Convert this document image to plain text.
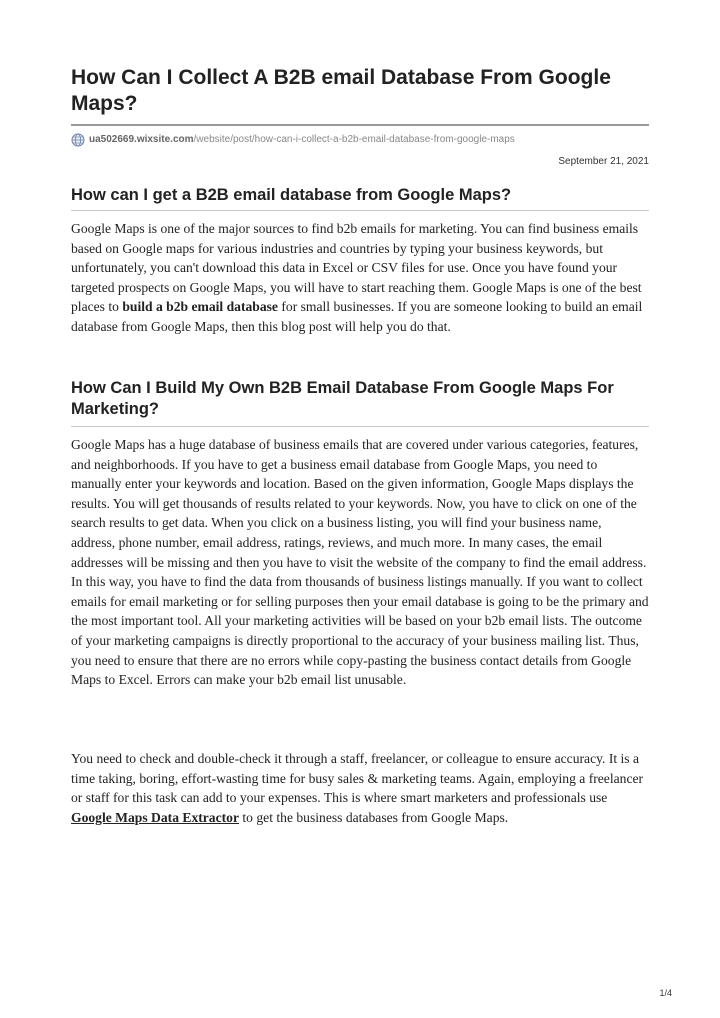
How Can I Collect A B2B email Database From Google Maps?
ua502669.wixsite.com /website/post/how-can-i-collect-a-b2b-email-database-from-google-maps
September 21, 2021
How can I get a B2B email database from Google Maps?

Google Maps is one of the major sources to find b2b emails for marketing. You can find business emails based on Google maps for various industries and countries by typing your business keywords, but unfortunately, you can't download this data in Excel or CSV files for use. Once you have found your targeted prospects on Google Maps, you will have to start reaching them. Google Maps is one of the best places to build a b2b email database for small businesses. If you are someone looking to build an email database from Google Maps, then this blog post will help you do that.

How Can I Build My Own B2B Email Database From Google Maps For Marketing?

Google Maps has a huge database of business emails that are covered under various categories, features, and neighborhoods. If you have to get a business email database from Google Maps, you need to manually enter your keywords and location. Based on the given information, Google Maps displays the results. You will get thousands of results related to your keywords. Now, you have to click on one of the search results to get data. When you click on a business listing, you will find your business name, address, phone number, email address, ratings, reviews, and much more. In many cases, the email addresses will be missing and then you have to visit the website of the company to find the email address. In this way, you have to find the data from thousands of business listings manually. If you want to collect emails for email marketing or for selling purposes then your email database is going to be the primary and the most important tool. All your marketing activities will be based on your b2b email lists. The outcome of your marketing campaigns is directly proportional to the accuracy of your business mailing list. Thus, you need to ensure that there are no errors while copy-pasting the business contact details from Google Maps to Excel. Errors can make your b2b email list unusable.

You need to check and double-check it through a staff, freelancer, or colleague to ensure accuracy. It is a time taking, boring, effort-wasting time for busy sales & marketing teams. Again, employing a freelancer or staff for this task can add to your expenses. This is where smart marketers and professionals use Google Maps Data Extractor to get the business databases from Google Maps.

1/4
